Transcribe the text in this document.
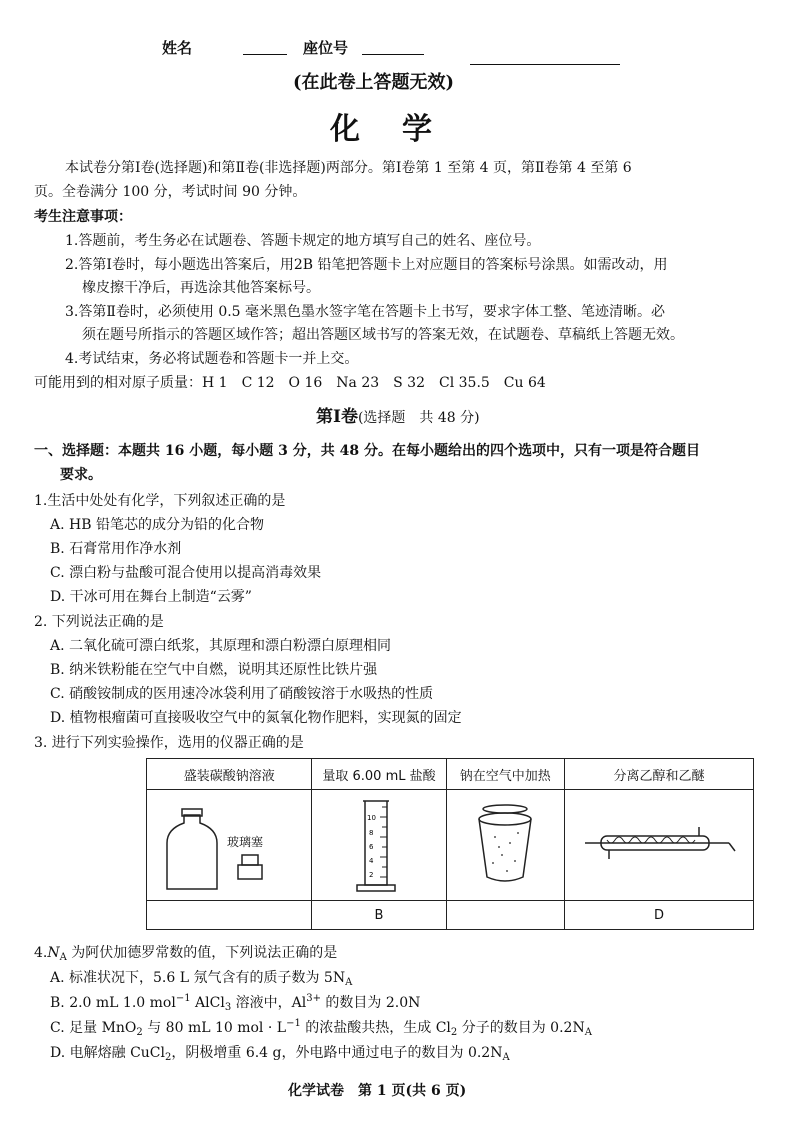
姓名	座位号
(在此卷上答题无效)
化　学
本试卷分第Ⅰ卷(选择题)和第Ⅱ卷(非选择题)两部分。第Ⅰ卷第 1 至第 4 页，第Ⅱ卷第 4 至第 6
页。全卷满分 100 分，考试时间 90 分钟。
考生注意事项：
1.答题前，考生务必在试题卷、答题卡规定的地方填写自己的姓名、座位号。
2.答第Ⅰ卷时，每小题选出答案后，用2B 铅笔把答题卡上对应题目的答案标号涂黑。如需改动，用
橡皮擦干净后，再选涂其他答案标号。
3.答第Ⅱ卷时，必须使用 0.5 毫米黑色墨水签字笔在答题卡上书写，要求字体工整、笔迹清晰。必
须在题号所指示的答题区域作答；超出答题区域书写的答案无效，在试题卷、草稿纸上答题无效。
4.考试结束，务必将试题卷和答题卡一并上交。
可能用到的相对原子质量：H 1　C 12　O 16　Na 23　S 32　Cl 35.5　Cu 64
第Ⅰ卷(选择题　共 48 分)
一、选择题：本题共 16 小题，每小题 3 分，共 48 分。在每小题给出的四个选项中，只有一项是符合题目
要求。
1.生活中处处有化学，下列叙述正确的是
A. HB 铅笔芯的成分为铅的化合物
B. 石膏常用作净水剂
C. 漂白粉与盐酸可混合使用以提高消毒效果
D. 干冰可用在舞台上制造“云雾”
2. 下列说法正确的是
A. 二氧化硫可漂白纸浆，其原理和漂白粉漂白原理相同
B. 纳米铁粉能在空气中自燃，说明其还原性比铁片强
C. 硝酸铵制成的医用速冷冰袋利用了硝酸铵溶于水吸热的性质
D. 植物根瘤菌可直接吸收空气中的氮氧化物作肥料，实现氮的固定
3. 进行下列实验操作，选用的仪器正确的是
盛装碳酸钠溶液	量取 6.00 mL 盐酸	钠在空气中加热	分离乙醇和乙醚

玻璃塞	10
8
6
4
2

	B		D
$4.N_A$ 为阿伏加德罗常数的值，下列说法正确的是
A. 标准状况下，5.6 L 氖气含有的质子数为 $5N_A$
B. 2.0 mL 1.0 mol$^{-1}$ AlCl$_3$ 溶液中，$Al^{3+}$ 的数目为 2.0N
C. 足量 MnO$_2$ 与 80 mL 10 mol · $L^{-1}$ 的浓盐酸共热，生成 $Cl_2$ 分子的数目为 $0.2N_A$
D. 电解熔融 CuCl$_2$，阴极增重 6.4 g，外电路中通过电子的数目为 $0.2N_A$
化学试卷　第 1 页(共 6 页)
